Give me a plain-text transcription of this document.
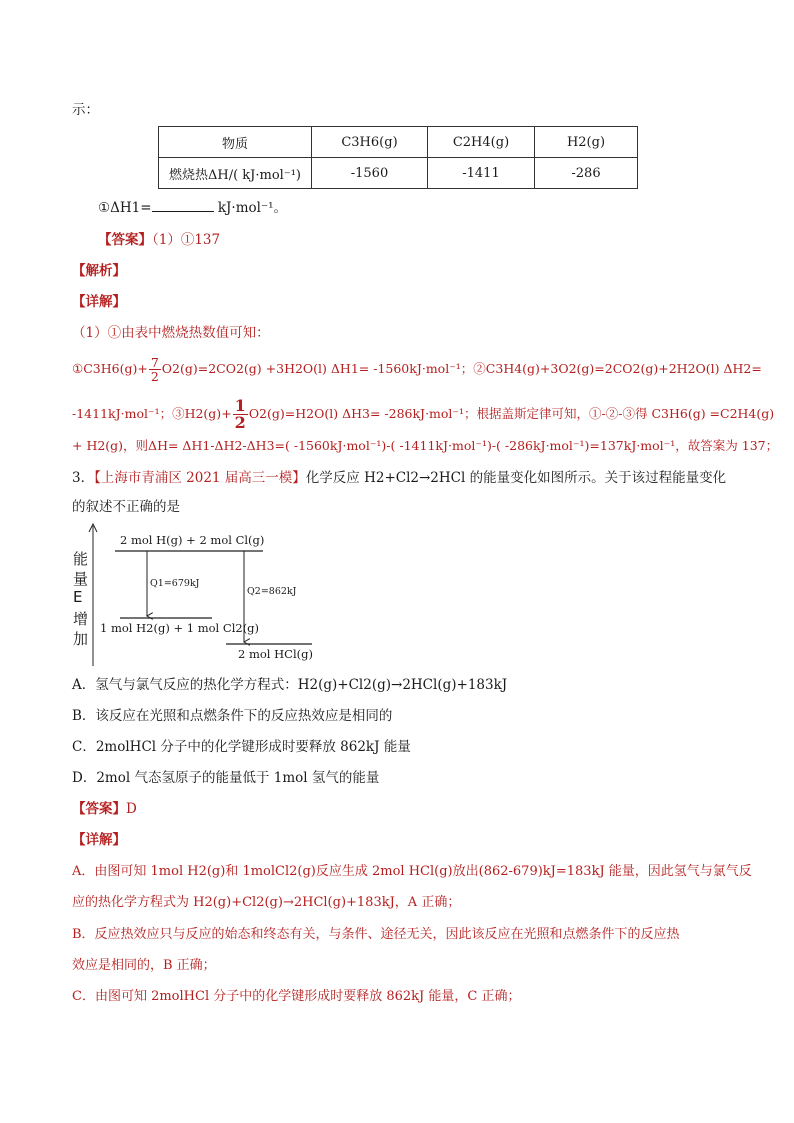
示：
物质	C3H6(g)	C2H4(g)	H2(g)
燃烧热ΔH/( kJ·mol⁻¹)	-1560	-1411	-286
①ΔH1=	kJ·mol⁻¹。
【答案】（1）①137
【解析】
【详解】
（1）①由表中燃烧热数值可知：
①C3H6(g)+ $\frac{7}{2} O2(g)=2CO2(g) +3H2O(l)$ ΔH1= -1560kJ·mol⁻¹；②C3H4(g)+3O2(g)=2CO2(g)+2H2O(l) ΔH2=
-1411kJ·mol⁻¹；③H2(g)+ $\frac{1}{2} O2(g)=H2O(l)$ ΔH3= -286kJ·mol⁻¹；根据盖斯定律可知，①-②-③得 C3H6(g) =C2H4(g)
+ H2(g)，则ΔH= ΔH1-ΔH2-ΔH3=( -1560kJ·mol⁻¹)-( -1411kJ·mol⁻¹)-( -286kJ·mol⁻¹)=137kJ·mol⁻¹，故答案为 137；
3．【上海市青浦区 2021 届高三一模】化学反应 H2+Cl2→2HCl 的能量变化如图所示。关于该过程能量变化
的叙述不正确的是
能
量
E
增
加
2 mol H(g) + 2 mol Cl(g)
1 mol H2(g) + 1 mol Cl2(g)
2 mol HCl(g)
Q1=679kJ
Q2=862kJ
A．氢气与氯气反应的热化学方程式：H2(g)+Cl2(g)→2HCl(g)+183kJ
B．该反应在光照和点燃条件下的反应热效应是相同的
C．2molHCl 分子中的化学键形成时要释放 862kJ 能量
D．2mol 气态氢原子的能量低于 1mol 氢气的能量
【答案】D
【详解】
A．由图可知 1mol H2(g)和 1molCl2(g)反应生成 2mol HCl(g)放出(862-679)kJ=183kJ 能量，因此氢气与氯气反
应的热化学方程式为 H2(g)+Cl2(g)→2HCl(g)+183kJ，A 正确；
B．反应热效应只与反应的始态和终态有关，与条件、途径无关，因此该反应在光照和点燃条件下的反应热
效应是相同的，B 正确；
C．由图可知 2molHCl 分子中的化学键形成时要释放 862kJ 能量，C 正确；
